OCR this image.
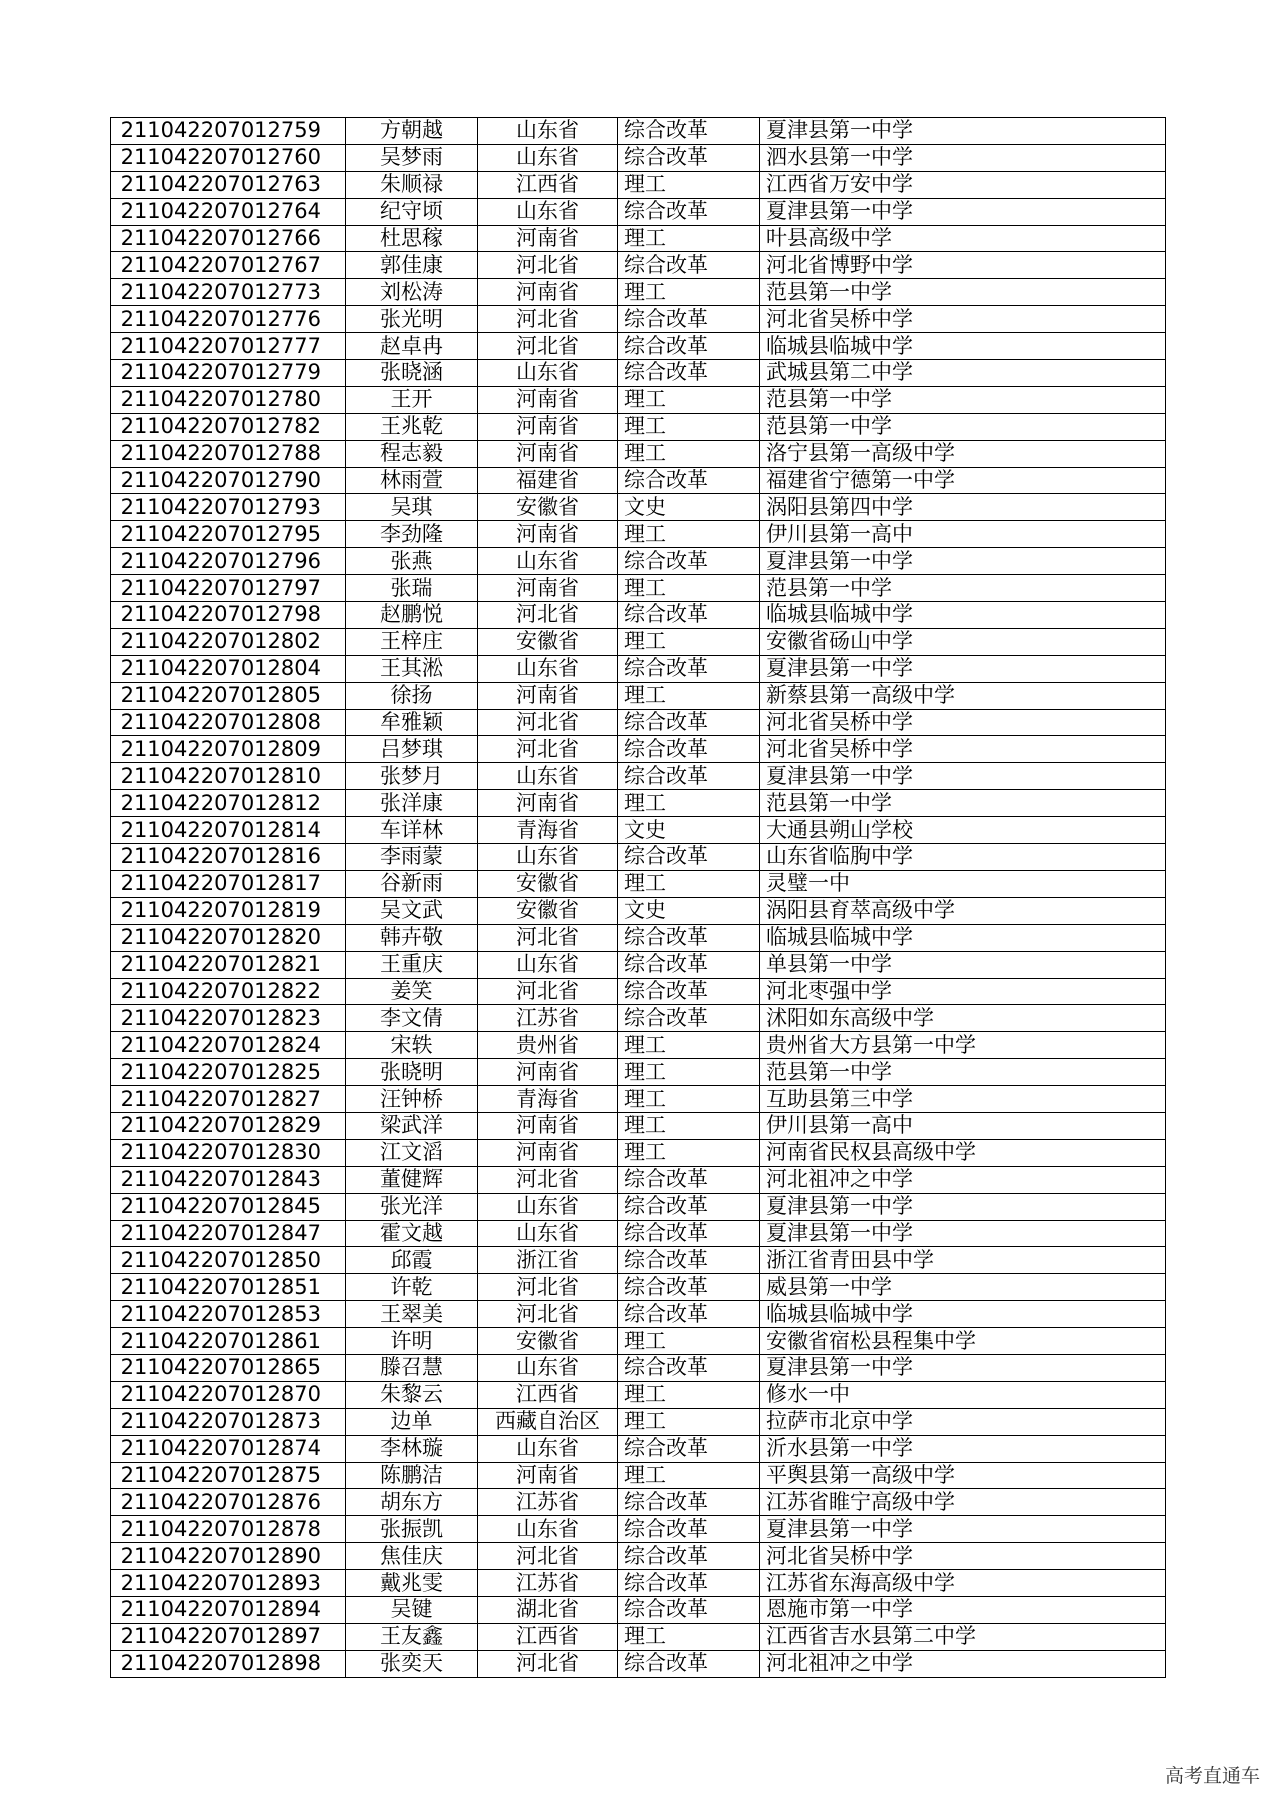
211042207012759	方朝越	山东省	综合改革	夏津县第一中学
211042207012760	吴梦雨	山东省	综合改革	泗水县第一中学
211042207012763	朱顺禄	江西省	理工	江西省万安中学
211042207012764	纪守顷	山东省	综合改革	夏津县第一中学
211042207012766	杜思稼	河南省	理工	叶县高级中学
211042207012767	郭佳康	河北省	综合改革	河北省博野中学
211042207012773	刘松涛	河南省	理工	范县第一中学
211042207012776	张光明	河北省	综合改革	河北省吴桥中学
211042207012777	赵卓冉	河北省	综合改革	临城县临城中学
211042207012779	张晓涵	山东省	综合改革	武城县第二中学
211042207012780	王开	河南省	理工	范县第一中学
211042207012782	王兆乾	河南省	理工	范县第一中学
211042207012788	程志毅	河南省	理工	洛宁县第一高级中学
211042207012790	林雨萱	福建省	综合改革	福建省宁德第一中学
211042207012793	吴琪	安徽省	文史	涡阳县第四中学
211042207012795	李劲隆	河南省	理工	伊川县第一高中
211042207012796	张燕	山东省	综合改革	夏津县第一中学
211042207012797	张瑞	河南省	理工	范县第一中学
211042207012798	赵鹏悦	河北省	综合改革	临城县临城中学
211042207012802	王梓庄	安徽省	理工	安徽省砀山中学
211042207012804	王其淞	山东省	综合改革	夏津县第一中学
211042207012805	徐扬	河南省	理工	新蔡县第一高级中学
211042207012808	牟雅颖	河北省	综合改革	河北省吴桥中学
211042207012809	吕梦琪	河北省	综合改革	河北省吴桥中学
211042207012810	张梦月	山东省	综合改革	夏津县第一中学
211042207012812	张洋康	河南省	理工	范县第一中学
211042207012814	车详林	青海省	文史	大通县朔山学校
211042207012816	李雨蒙	山东省	综合改革	山东省临朐中学
211042207012817	谷新雨	安徽省	理工	灵璧一中
211042207012819	吴文武	安徽省	文史	涡阳县育萃高级中学
211042207012820	韩卉敬	河北省	综合改革	临城县临城中学
211042207012821	王重庆	山东省	综合改革	单县第一中学
211042207012822	姜笑	河北省	综合改革	河北枣强中学
211042207012823	李文倩	江苏省	综合改革	沭阳如东高级中学
211042207012824	宋轶	贵州省	理工	贵州省大方县第一中学
211042207012825	张晓明	河南省	理工	范县第一中学
211042207012827	汪钟桥	青海省	理工	互助县第三中学
211042207012829	梁武洋	河南省	理工	伊川县第一高中
211042207012830	江文滔	河南省	理工	河南省民权县高级中学
211042207012843	董健辉	河北省	综合改革	河北祖冲之中学
211042207012845	张光洋	山东省	综合改革	夏津县第一中学
211042207012847	霍文越	山东省	综合改革	夏津县第一中学
211042207012850	邱霞	浙江省	综合改革	浙江省青田县中学
211042207012851	许乾	河北省	综合改革	威县第一中学
211042207012853	王翠美	河北省	综合改革	临城县临城中学
211042207012861	许明	安徽省	理工	安徽省宿松县程集中学
211042207012865	滕召慧	山东省	综合改革	夏津县第一中学
211042207012870	朱黎云	江西省	理工	修水一中
211042207012873	边单	西藏自治区	理工	拉萨市北京中学
211042207012874	李林璇	山东省	综合改革	沂水县第一中学
211042207012875	陈鹏洁	河南省	理工	平舆县第一高级中学
211042207012876	胡东方	江苏省	综合改革	江苏省睢宁高级中学
211042207012878	张振凯	山东省	综合改革	夏津县第一中学
211042207012890	焦佳庆	河北省	综合改革	河北省吴桥中学
211042207012893	戴兆雯	江苏省	综合改革	江苏省东海高级中学
211042207012894	吴键	湖北省	综合改革	恩施市第一中学
211042207012897	王友鑫	江西省	理工	江西省吉水县第二中学
211042207012898	张奕天	河北省	综合改革	河北祖冲之中学
高考直通车
